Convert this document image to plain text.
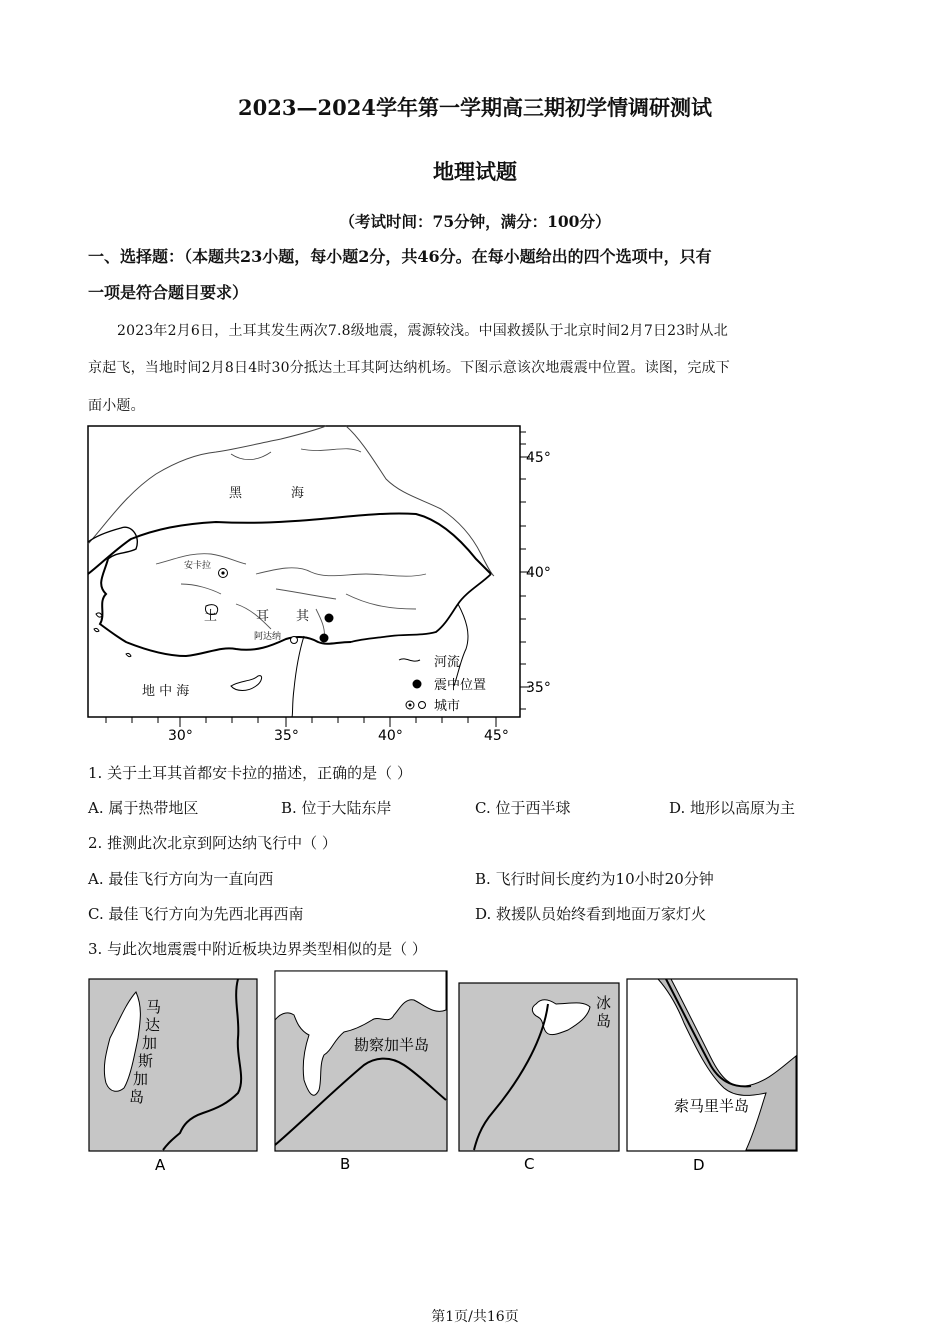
2023—2024学年第一学期高三期初学情调研测试
地理试题
（考试时间：75分钟，满分：100分）
一、选择题：（本题共23小题，每小题2分，共46分。在每小题给出的四个选项中，只有
一项是符合题目要求）
2023年2月6日，土耳其发生两次7.8级地震，震源较浅。中国救援队于北京时间2月7日23时从北
京起飞，当地时间2月8日4时30分抵达土耳其阿达纳机场。下图示意该次地震震中位置。读图，完成下
面小题。
45°
40°
35°
30°	35°	40°	45°
黑	海
地 中 海
土	耳 其
安卡拉
阿达纳
河流
震中位置
城市
1. 关于土耳其首都安卡拉的描述，正确的是（ ）
A. 属于热带地区	B. 位于大陆东岸	C. 位于西半球	D. 地形以高原为主
2. 推测此次北京到阿达纳飞行中（ ）
A. 最佳飞行方向为一直向西	B. 飞行时间长度约为10小时20分钟
C. 最佳飞行方向为先西北再西南	D. 救援队员始终看到地面万家灯火
3. 与此次地震震中附近板块边界类型相似的是（ ）
马
达
加
斯
加
岛
A
勘察加半岛
B
冰
岛
C
索马里半岛
D
第1页/共16页
